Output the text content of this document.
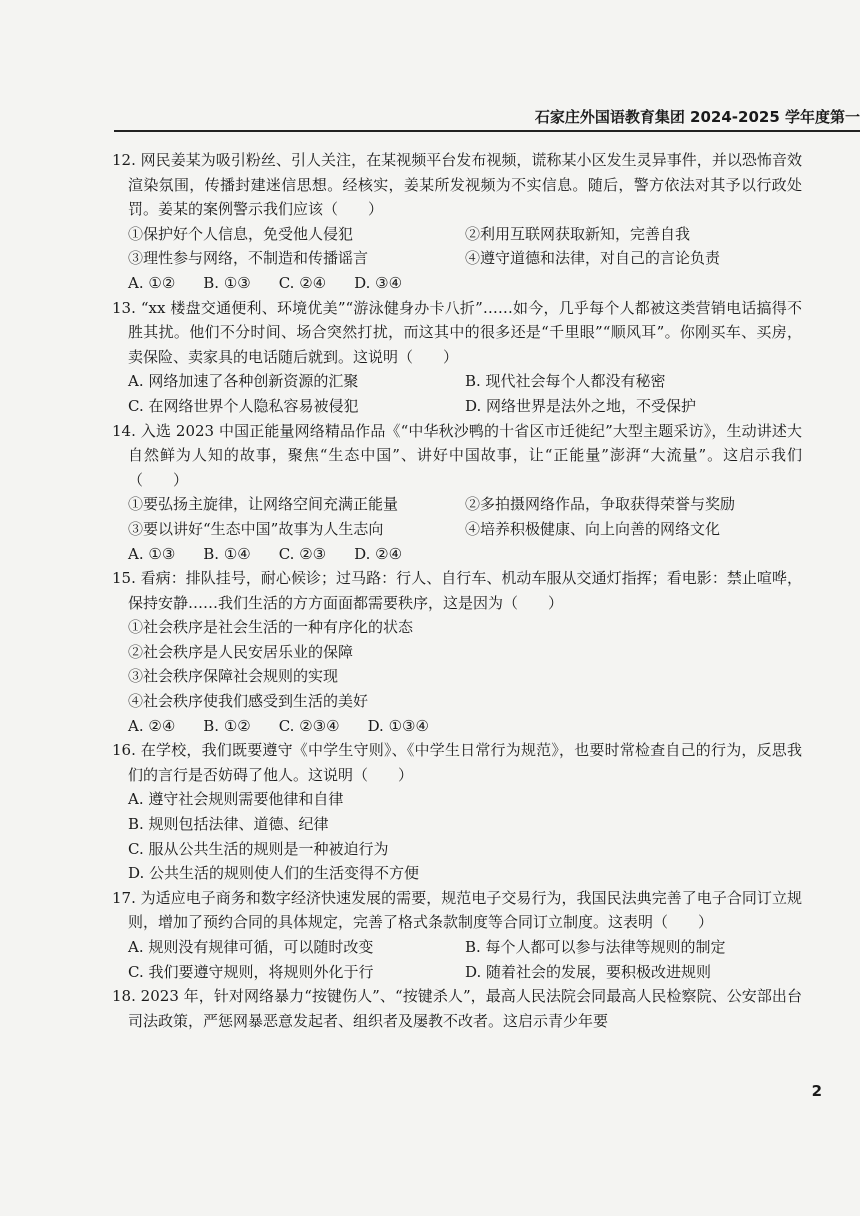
石家庄外国语教育集团 2024-2025 学年度第一

12. 网民姜某为吸引粉丝、引人关注，在某视频平台发布视频，谎称某小区发生灵异事件，并以恐怖音效渲染氛围，传播封建迷信思想。经核实，姜某所发视频为不实信息。随后，警方依法对其予以行政处罚。姜某的案例警示我们应该（　　）

①保护好个人信息，免受他人侵犯	②利用互联网获取新知，完善自我
③理性参与网络，不制造和传播谣言	④遵守道德和法律，对自己的言论负责
A. ①② B. ①③ C. ②④ D. ③④

13. “xx 楼盘交通便利、环境优美”“游泳健身办卡八折”……如今，几乎每个人都被这类营销电话搞得不胜其扰。他们不分时间、场合突然打扰，而这其中的很多还是“千里眼”“顺风耳”。你刚买车、买房，卖保险、卖家具的电话随后就到。这说明（　　）

A. 网络加速了各种创新资源的汇聚	B. 现代社会每个人都没有秘密
C. 在网络世界个人隐私容易被侵犯	D. 网络世界是法外之地，不受保护

14. 入选 2023 中国正能量网络精品作品《“中华秋沙鸭的十省区市迁徙纪”大型主题采访》，生动讲述大自然鲜为人知的故事，聚焦“生态中国”、讲好中国故事，让“正能量”澎湃“大流量”。这启示我们（　　）

①要弘扬主旋律，让网络空间充满正能量	②多拍摄网络作品，争取获得荣誉与奖励
③要以讲好“生态中国”故事为人生志向	④培养积极健康、向上向善的网络文化
A. ①③ B. ①④ C. ②③ D. ②④

15. 看病：排队挂号，耐心候诊；过马路：行人、自行车、机动车服从交通灯指挥；看电影：禁止喧哗，保持安静……我们生活的方方面面都需要秩序，这是因为（　　）

①社会秩序是社会生活的一种有序化的状态

②社会秩序是人民安居乐业的保障

③社会秩序保障社会规则的实现

④社会秩序使我们感受到生活的美好

A. ②④ B. ①② C. ②③④ D. ①③④

16. 在学校，我们既要遵守《中学生守则》、《中学生日常行为规范》，也要时常检查自己的行为，反思我们的言行是否妨碍了他人。这说明（　　）

A. 遵守社会规则需要他律和自律

B. 规则包括法律、道德、纪律

C. 服从公共生活的规则是一种被迫行为

D. 公共生活的规则使人们的生活变得不方便

17. 为适应电子商务和数字经济快速发展的需要，规范电子交易行为，我国民法典完善了电子合同订立规则，增加了预约合同的具体规定，完善了格式条款制度等合同订立制度。这表明（　　）

A. 规则没有规律可循，可以随时改变	B. 每个人都可以参与法律等规则的制定
C. 我们要遵守规则，将规则外化于行	D. 随着社会的发展，要积极改进规则

18. 2023 年，针对网络暴力“按键伤人”、“按键杀人”，最高人民法院会同最高人民检察院、公安部出台司法政策，严惩网暴恶意发起者、组织者及屡教不改者。这启示青少年要

2
